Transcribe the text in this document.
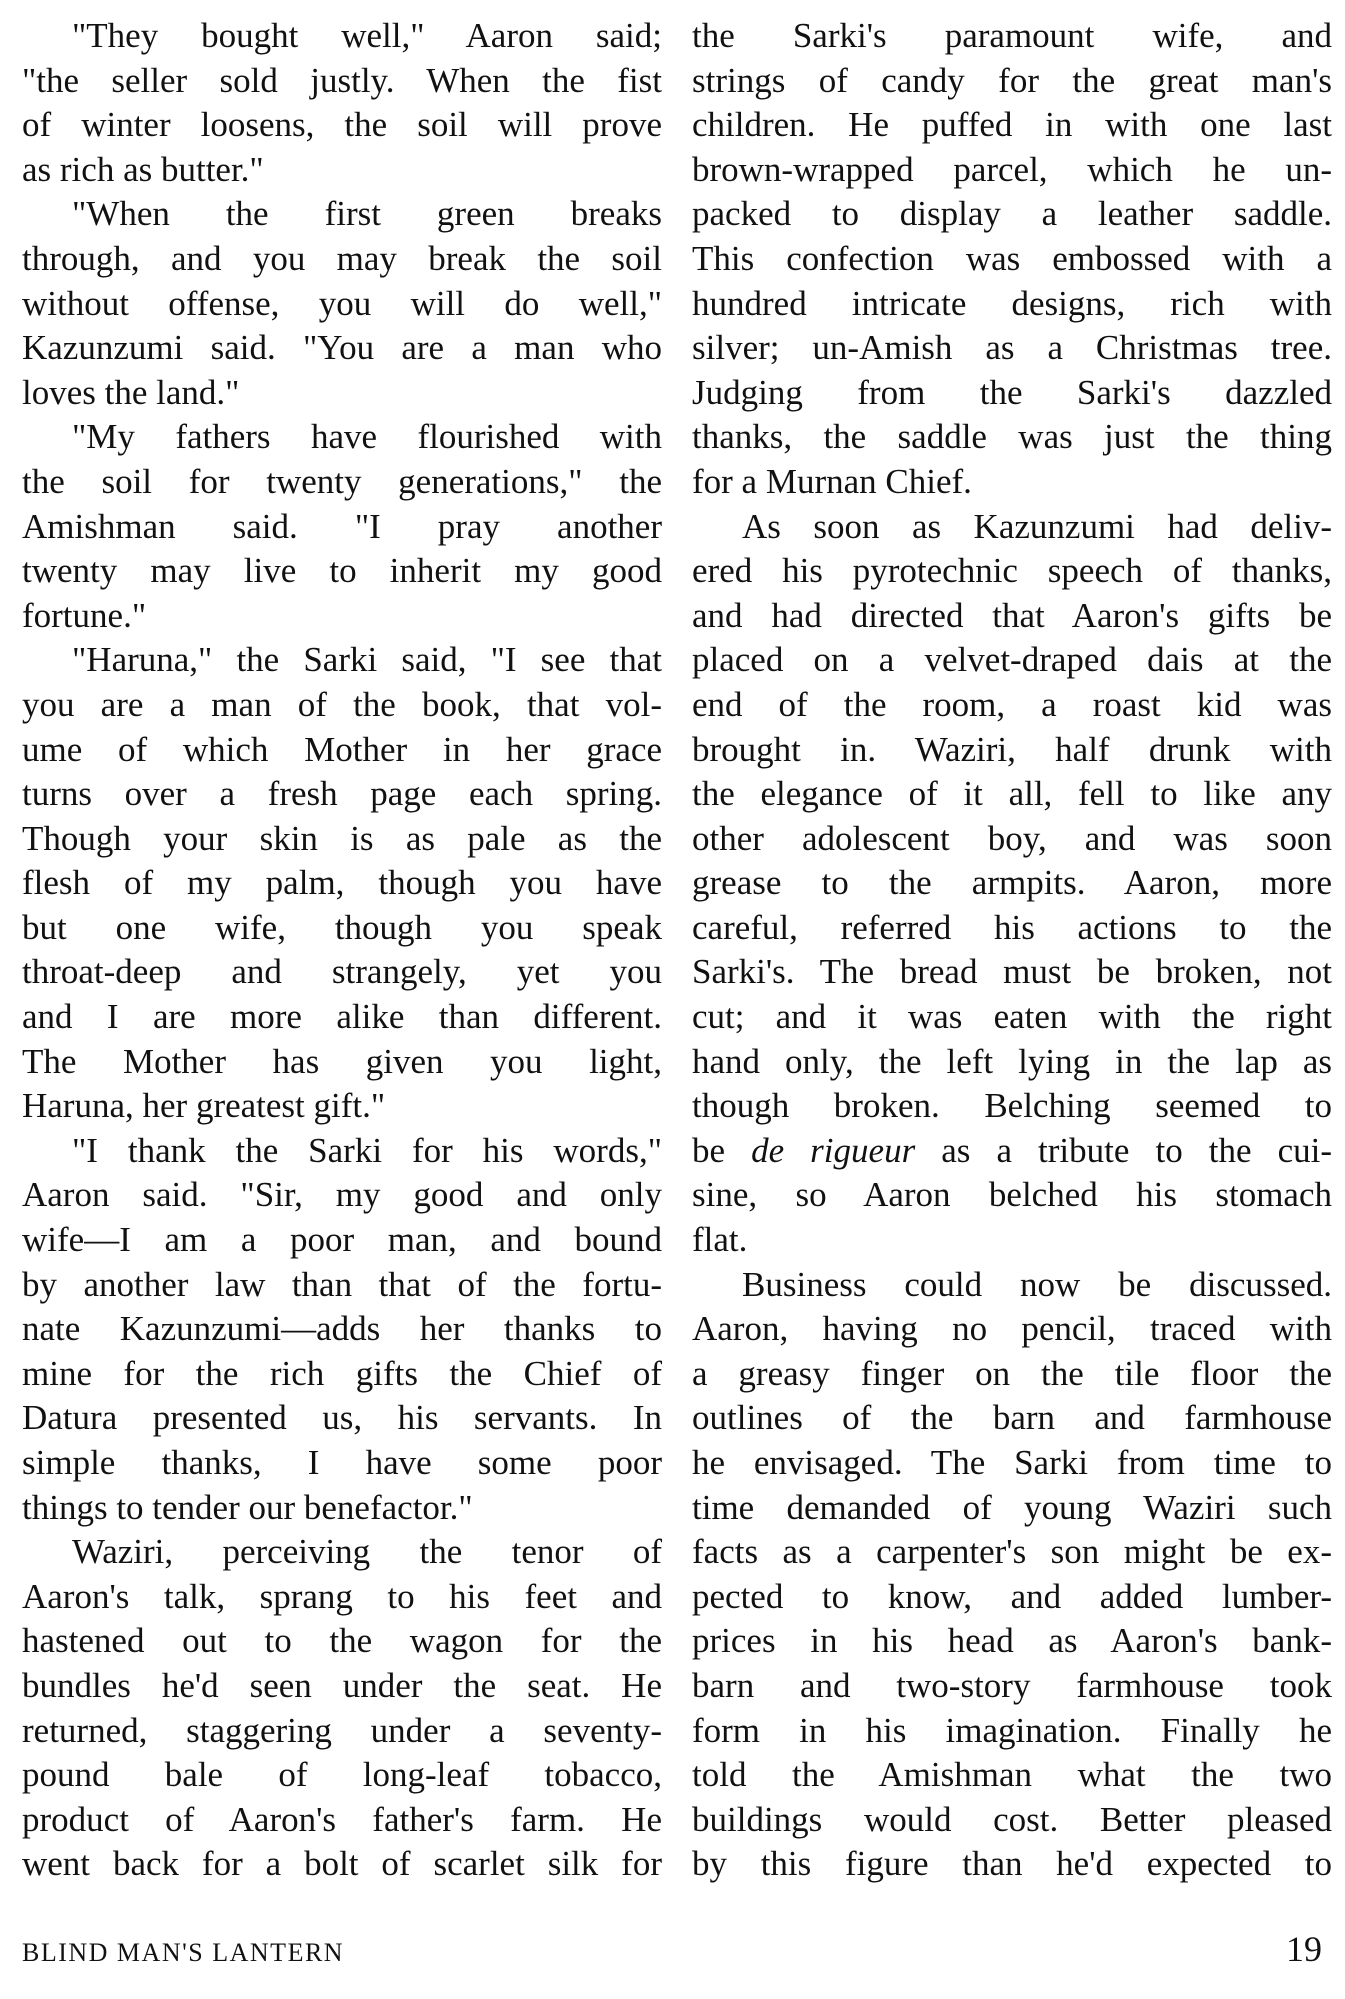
"They bought well," Aaron said;
"the seller sold justly. When the fist
of winter loosens, the soil will prove
as rich as butter."
"When the first green breaks
through, and you may break the soil
without offense, you will do well,"
Kazunzumi said. "You are a man who
loves the land."
"My fathers have flourished with
the soil for twenty generations," the
Amishman said. "I pray another
twenty may live to inherit my good
fortune."
"Haruna," the Sarki said, "I see that
you are a man of the book, that vol-
ume of which Mother in her grace
turns over a fresh page each spring.
Though your skin is as pale as the
flesh of my palm, though you have
but one wife, though you speak
throat-deep and strangely, yet you
and I are more alike than different.
The Mother has given you light,
Haruna, her greatest gift."
"I thank the Sarki for his words,"
Aaron said. "Sir, my good and only
wife—I am a poor man, and bound
by another law than that of the fortu-
nate Kazunzumi—adds her thanks to
mine for the rich gifts the Chief of
Datura presented us, his servants. In
simple thanks, I have some poor
things to tender our benefactor."
Waziri, perceiving the tenor of
Aaron's talk, sprang to his feet and
hastened out to the wagon for the
bundles he'd seen under the seat. He
returned, staggering under a seventy-
pound bale of long-leaf tobacco,
product of Aaron's father's farm. He
went back for a bolt of scarlet silk for
the Sarki's paramount wife, and
strings of candy for the great man's
children. He puffed in with one last
brown-wrapped parcel, which he un-
packed to display a leather saddle.
This confection was embossed with a
hundred intricate designs, rich with
silver; un-Amish as a Christmas tree.
Judging from the Sarki's dazzled
thanks, the saddle was just the thing
for a Murnan Chief.
As soon as Kazunzumi had deliv-
ered his pyrotechnic speech of thanks,
and had directed that Aaron's gifts be
placed on a velvet-draped dais at the
end of the room, a roast kid was
brought in. Waziri, half drunk with
the elegance of it all, fell to like any
other adolescent boy, and was soon
grease to the armpits. Aaron, more
careful, referred his actions to the
Sarki's. The bread must be broken, not
cut; and it was eaten with the right
hand only, the left lying in the lap as
though broken. Belching seemed to
be de rigueur as a tribute to the cui-
sine, so Aaron belched his stomach
flat.
Business could now be discussed.
Aaron, having no pencil, traced with
a greasy finger on the tile floor the
outlines of the barn and farmhouse
he envisaged. The Sarki from time to
time demanded of young Waziri such
facts as a carpenter's son might be ex-
pected to know, and added lumber-
prices in his head as Aaron's bank-
barn and two-story farmhouse took
form in his imagination. Finally he
told the Amishman what the two
buildings would cost. Better pleased
by this figure than he'd expected to
BLIND MAN'S LANTERN	19
